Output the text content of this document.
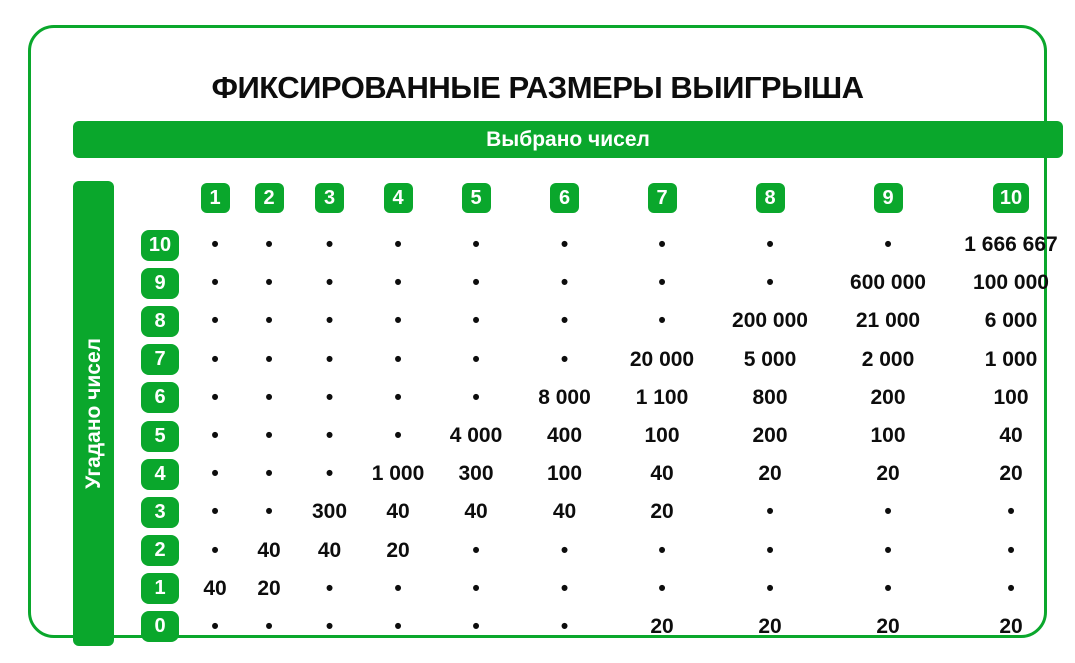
ФИКСИРОВАННЫЕ РАЗМЕРЫ ВЫИГРЫША
Выбрано чисел
Угадано чисел
1	2	3	4	5	6	7	8	9	10
10	•	•	•	•	•	•	•	•	•	1 666 667
9	•	•	•	•	•	•	•	•	600 000	100 000
8	•	•	•	•	•	•	•	200 000	21 000	6 000
7	•	•	•	•	•	•	20 000	5 000	2 000	1 000
6	•	•	•	•	•	8 000	1 100	800	200	100
5	•	•	•	•	4 000	400	100	200	100	40
4	•	•	•	1 000	300	100	40	20	20	20
3	•	•	300	40	40	40	20	•	•	•
2	•	40	40	20	•	•	•	•	•	•
1	40	20	•	•	•	•	•	•	•	•
0	•	•	•	•	•	•	20	20	20	20
